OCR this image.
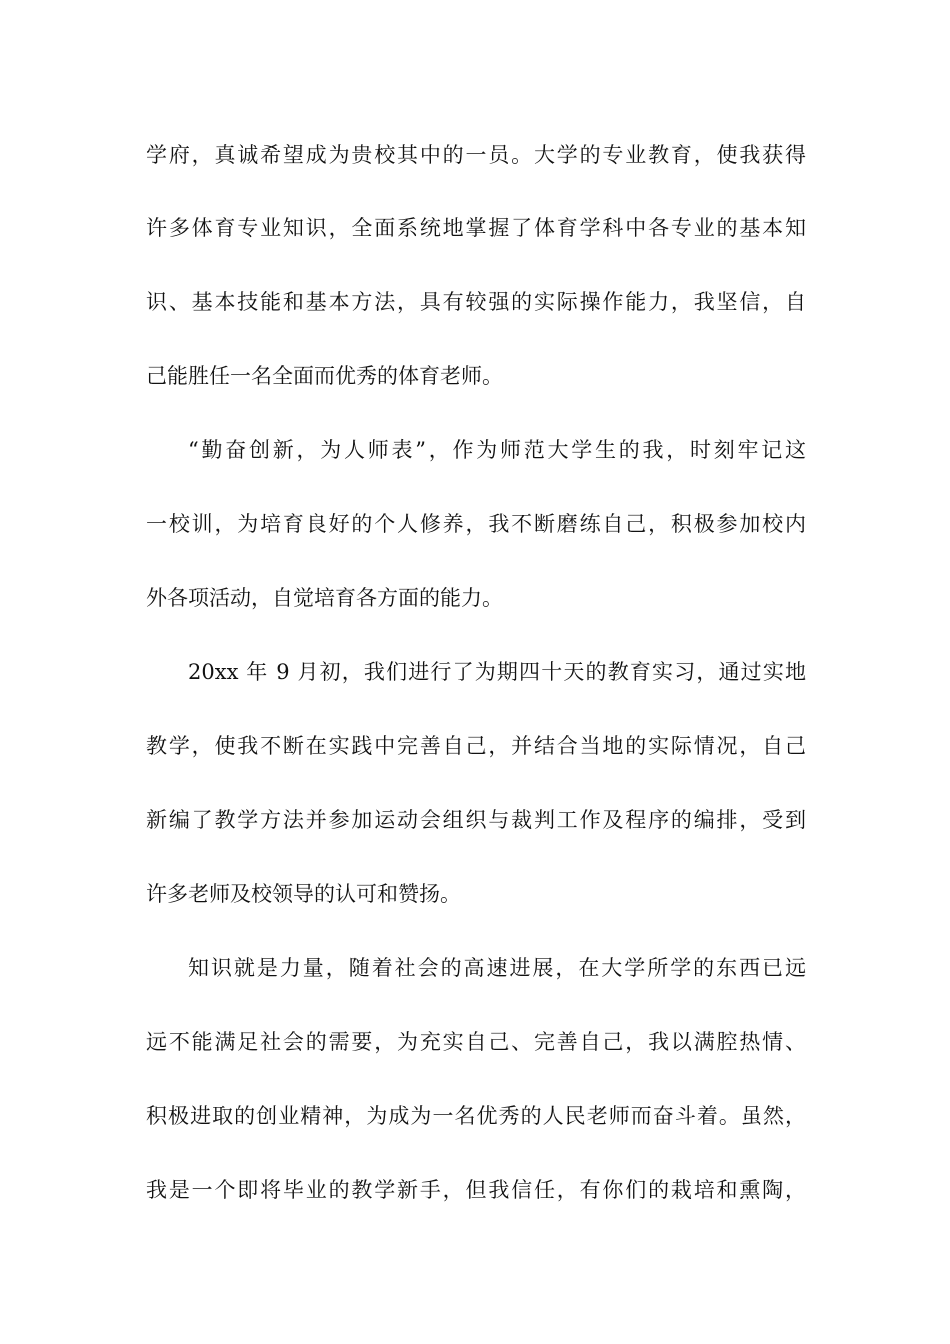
学府，真诚希望成为贵校其中的一员。大学的专业教育，使我获得
许多体育专业知识，全面系统地掌握了体育学科中各专业的基本知
识、基本技能和基本方法，具有较强的实际操作能力，我坚信，自
己能胜任一名全面而优秀的体育老师。
“勤奋创新，为人师表”，作为师范大学生的我，时刻牢记这
一校训，为培育良好的个人修养，我不断磨练自己，积极参加校内
外各项活动，自觉培育各方面的能力。
20xx 年 9 月初，我们进行了为期四十天的教育实习，通过实地
教学，使我不断在实践中完善自己，并结合当地的实际情况，自己
新编了教学方法并参加运动会组织与裁判工作及程序的编排，受到
许多老师及校领导的认可和赞扬。
知识就是力量，随着社会的高速进展，在大学所学的东西已远
远不能满足社会的需要，为充实自己、完善自己，我以满腔热情、
积极进取的创业精神，为成为一名优秀的人民老师而奋斗着。虽然，
我是一个即将毕业的教学新手，但我信任，有你们的栽培和熏陶，
